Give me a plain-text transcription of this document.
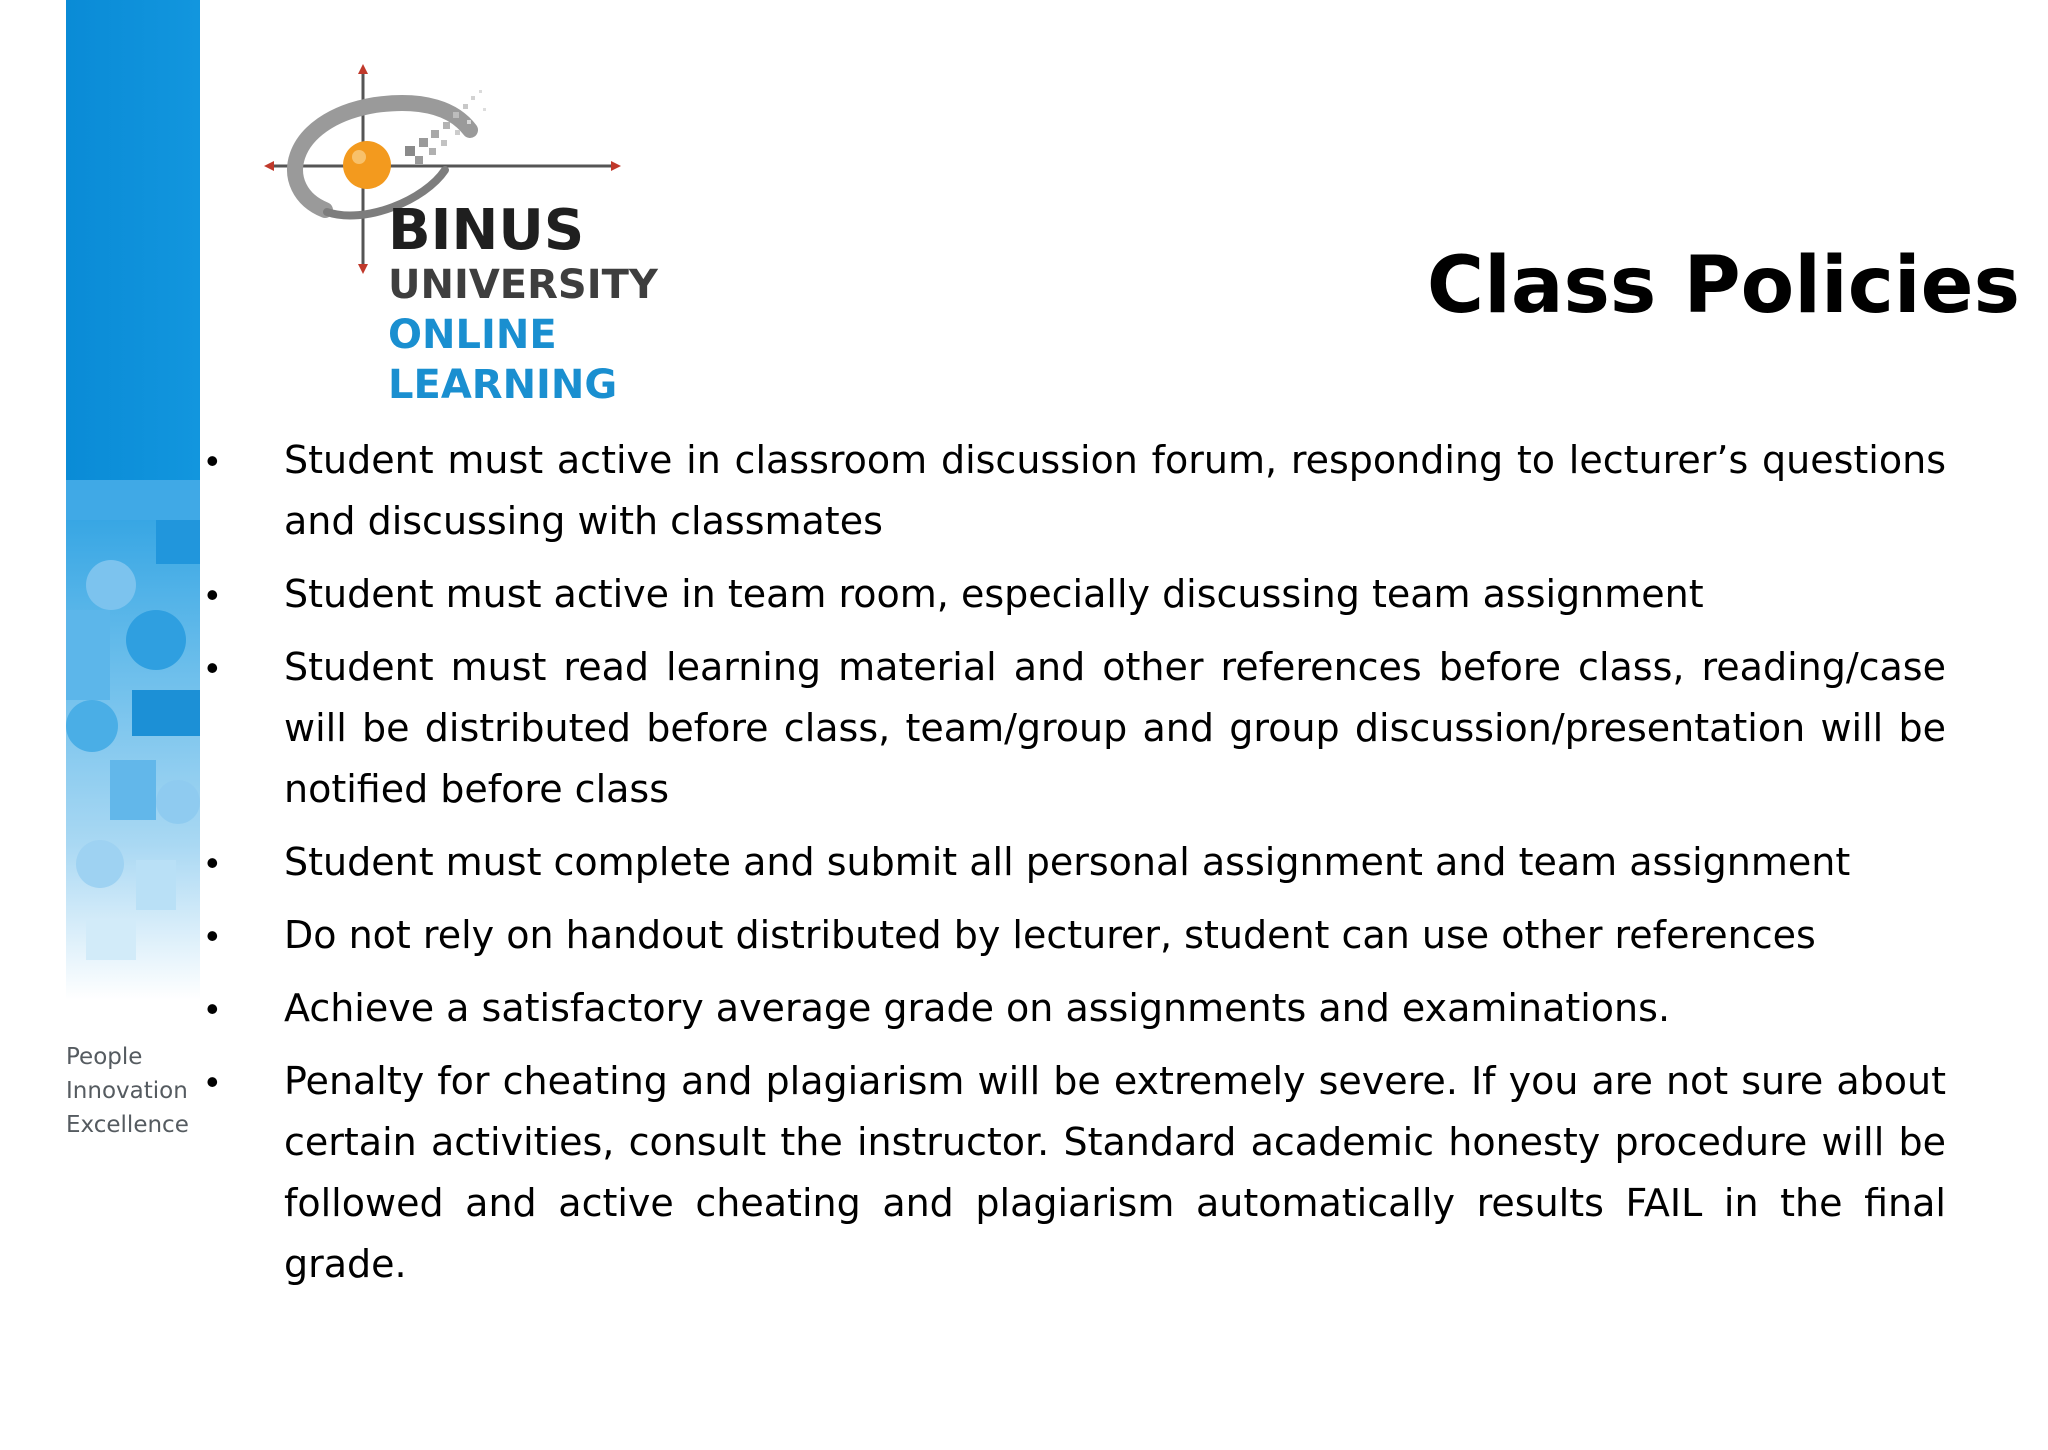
People
Innovation
Excellence
BINUS
UNIVERSITY
ONLINE
LEARNING
Class Policies
• Student must active in classroom discussion forum, responding to lecturer’s questions and discussing with classmates
• Student must active in team room, especially discussing team assignment
• Student must read learning material and other references before class, reading/case will be distributed before class, team/group and group discussion/presentation will be notified before class
• Student must complete and submit all personal assignment and team assignment
• Do not rely on handout distributed by lecturer, student can use other references
• Achieve a satisfactory average grade on assignments and examinations.
• Penalty for cheating and plagiarism will be extremely severe. If you are not sure about certain activities, consult the instructor. Standard academic honesty procedure will be followed and active cheating and plagiarism automatically results FAIL in the final grade.
